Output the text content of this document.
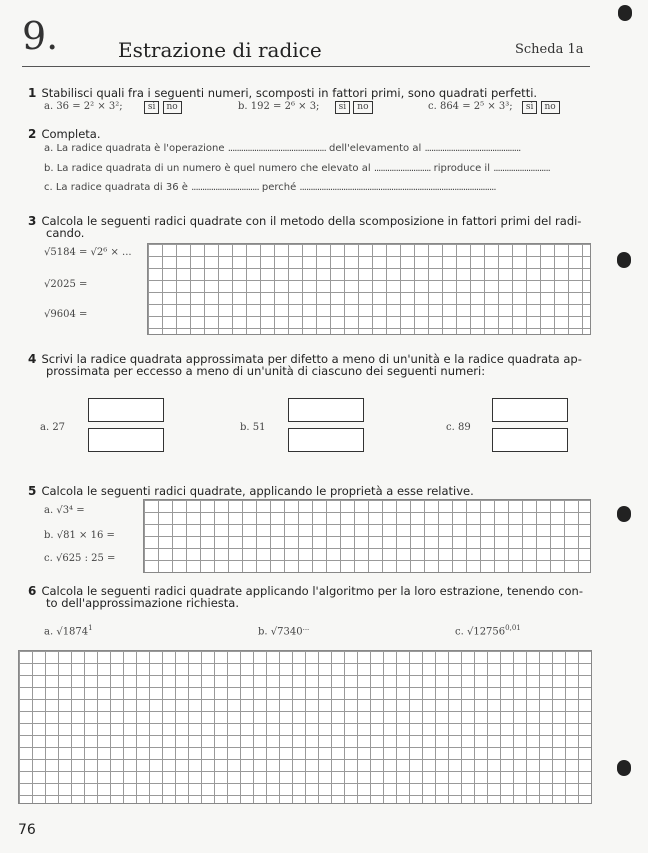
9.	Estrazione di radice	Scheda 1a
1 Stabilisci quali fra i seguenti numeri, scomposti in fattori primi, sono quadrati perfetti.
a. 36 = 2² × 3²;	sì no	b. 192 = 2⁶ × 3; sì no	c. 864 = 2⁵ × 3³; sì no
2 Completa.
a. La radice quadrata è l'operazione ............................................. dell'elevamento al ............................................
b. La radice quadrata di un numero è quel numero che elevato al .......................... riproduce il ..........................
c. La radice quadrata di 36 è ............................... perché ..........................................................................................
3 Calcola le seguenti radici quadrate con il metodo della scomposizione in fattori primi del radi-
cando.
√5184 = √2⁶ × ...
√2025 =
√9604 =
4 Scrivi la radice quadrata approssimata per difetto a meno di un'unità e la radice quadrata ap-
prossimata per eccesso a meno di un'unità di ciascuno dei seguenti numeri:
a. 27	b. 51	c. 89
5 Calcola le seguenti radici quadrate, applicando le proprietà a esse relative.
a. √3⁴ =
b. √81 × 16 =
c. √625 : 25 =
6 Calcola le seguenti radici quadrate applicando l'algoritmo per la loro estrazione, tenendo con-
to dell'approssimazione richiesta.
a. √1874$^1$	b. √7340...	c. √12756$^{0,01}$
76
